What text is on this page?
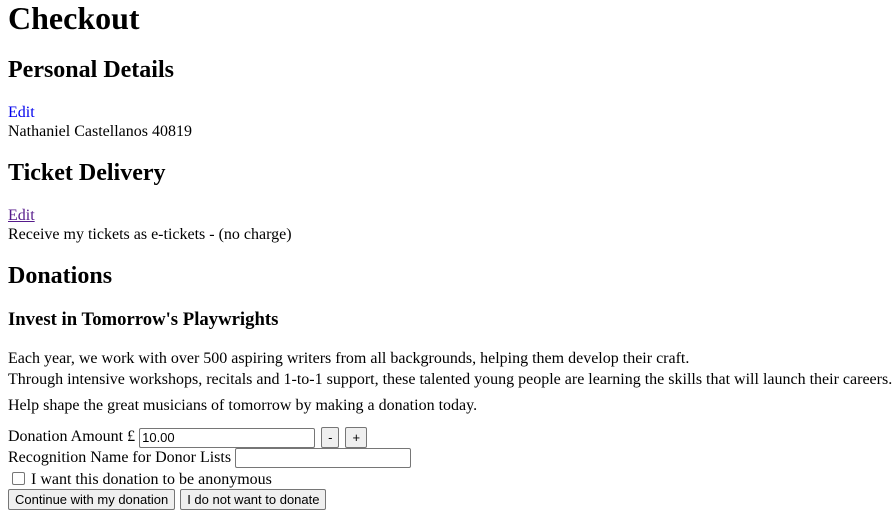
Checkout
Personal Details
Edit
Nathaniel Castellanos 40819
Ticket Delivery
Edit
Receive my tickets as e-tickets - (no charge)
Donations
Invest in Tomorrow's Playwrights
Each year, we work with over 500 aspiring writers from all backgrounds, helping them develop their craft.
Through intensive workshops, recitals and 1-to-1 support, these talented young people are learning the skills that will launch their careers.
Help shape the great musicians of tomorrow by making a donation today.
Donation Amount £ 10.00	- +
Recognition Name for Donor Lists
I want this donation to be anonymous
Continue with my donation I do not want to donate
